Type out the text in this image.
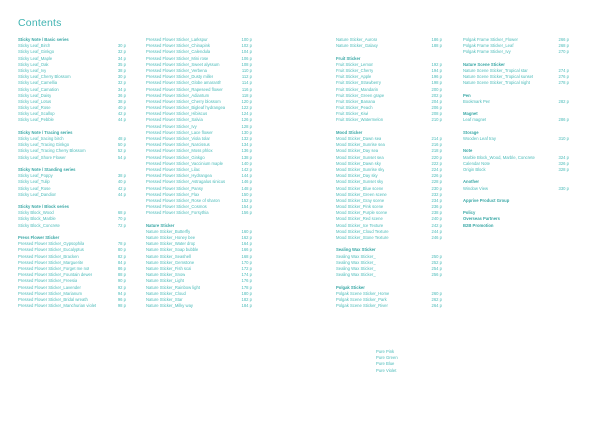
Contents
Sticky Note / Basic series
Sticky Leaf_Birch	30 p
Sticky Leaf_Ginkgo	32 p
Sticky Leaf_Maple	34 p
Sticky Leaf_Oak	35 p
Sticky Leaf_Ivy	38 p
Sticky Leaf_Cherry Blossom	30 p
Sticky Leaf_Camellia	32 p
Sticky Leaf_Camation	34 p
Sticky Leaf_Daisy	36 p
Sticky Leaf_Lotus	38 p
Sticky Leaf_Rose	40 p
Sticky Leaf_Scallop	42 p
Sticky Leaf_Pebble	44 p
Sticky Note / Tracing series
Sticky Leaf_tracing birch	48 p
Sticky Leaf_Tracing Ginkgo	50 p
Sticky Leaf_Tracing Cherry Blossom	52 p
Sticky Leaf_Shore Flower	54 p
Sticky Note / Standing series
Sticky Leaf_Poppy	38 p
Sticky Leaf_Tulip	40 p
Sticky Leaf_Rose	42 p
Sticky Leaf_Dandion	44 p
Sticky Note / Block series
Sticky Block_Wood	68 p
Sticky Block_Marble	70 p
Sticky Block_Concrete	72 p
Press Flower Sticker
Pressed Flower Sticker_Gypsophila	78 p
Pressed Flower Sticker_Eucalyptus	80 p
Pressed Flower Sticker_Bracken	82 p
Pressed Flower Sticker_Marguerite	84 p
Pressed Flower Sticker_Forget me not	86 p
Pressed Flower Sticker_Fountain dewer	88 p
Pressed Flower Sticker_Freesia	90 p
Pressed Flower Sticker_Lavender	92 p
Pressed Flower Sticker_Marianum	94 p
Pressed Flower Sticker_Bridal wreath	96 p
Pressed Flower Sticker_Manchurian violet	98 p
Pressed Flower Sticker_Larkspur	100 p
Pressed Flower Sticker_Chinapink	102 p
Pressed Flower Sticker_Calendula	104 p
Pressed Flower Sticker_Mini rose	106 p
Pressed Flower Sticker_Sweet alyssum	108 p
Pressed Flower Sticker_Verbena	110 p
Pressed Flower Sticker_Dusty miller	112 p
Pressed Flower Sticker_Globe amaranth	114 p
Pressed Flower Sticker_Rapeseed flower	116 p
Pressed Flower Sticker_Adiantum	118 p
Pressed Flower Sticker_Cherry blossom	120 p
Pressed Flower Sticker_Bigleaf hydrangea	122 p
Pressed Flower Sticker_Hibiscus	124 p
Pressed Flower Sticker_Salvia	126 p
Pressed Flower Sticker_Ivy	128 p
Pressed Flower Sticker_Lace flower	130 p
Pressed Flower Sticker_Viola tolar	132 p
Pressed Flower Sticker_Narcissus	134 p
Pressed Flower Sticker_Moss phlox	136 p
Pressed Flower Sticker_Ginkgo	138 p
Pressed Flower Sticker_Vaccinium maple	140 p
Pressed Flower Sticker_Lilac	142 p
Pressed Flower Sticker_Hydrangea	144 p
Pressed Flower Sticker_Astragalus sinicus	146 p
Pressed Flower Sticker_Pansy	148 p
Pressed Flower Sticker_Flax	150 p
Pressed Flower Sticker_Rose of sharon	152 p
Pressed Flower Sticker_Cosmos	154 p
Pressed Flower Sticker_Forsythia	156 p
Nature Sticker
Nature Sticker_Butterfly	160 p
Nature Sticker_Honey bee	162 p
Nature Sticker_Water drop	164 p
Nature Sticker_Soap bubble	166 p
Nature Sticker_Seashell	168 p
Nature Sticker_Gemstone	170 p
Nature Sticker_Fish scal	172 p
Nature Sticker_Snow	174 p
Nature Sticker_Light	176 p
Nature Sticker_Rainbow light	178 p
Nature Sticker_Cloud	180 p
Nature Sticker_Star	182 p
Nature Sticker_Milky way	184 p
Nature Sticker_Aurora	186 p
Nature Sticker_Galaxy	188 p
Fruit Sticker
Fruit Sticker_Lemon	192 p
Fruit Sticker_Cherry	194 p
Fruit Sticker_Apple	196 p
Fruit Sticker_Strawberry	198 p
Fruit Sticker_Mandarin	200 p
Fruit Sticker_Green grape	202 p
Fruit Sticker_Banana	204 p
Fruit Sticker_Peach	206 p
Fruit Sticker_Kiwi	208 p
Fruit Sticker_Watermelon	210 p
Mood Sticker
Mood Sticker_Dawn sea	214 p
Mood Sticker_Sunrise sea	216 p
Mood Sticker_Day sea	218 p
Mood Sticker_Sunset sea	220 p
Mood Sticker_Dawn sky	222 p
Mood Sticker_Sunrise sky	224 p
Mood Sticker_Day sky	226 p
Mood Sticker_Sunset sky	228 p
Mood Sticker_Blue scene	230 p
Mood Sticker_Green scene	232 p
Mood Sticker_Gray scene	234 p
Mood Sticker_Pink scene	236 p
Mood Sticker_Purple scene	238 p
Mood Sticker_Red scene	240 p
Mood Sticker_Ice Texture	242 p
Mood Sticker_Cloud Texture	244 p
Mood Sticker_Stone Texture	246 p
Sealing Wax Sticker
Sealing Wax Sticker_	250 p
Sealing Wax Sticker_	252 p
Sealing Wax Sticker_	254 p
Sealing Wax Sticker_	256 p
Polgak Sticker
Polgak Scene Sticker_Home	260 p
Polgak Scene Sticker_Park	262 p
Polgak Scene Sticker_River	264 p
Polgak Frame Sticker_Flower	266 p
Polgak Frame Sticker_Leaf	268 p
Polgak Frame Sticker_Ivy	270 p
Nature Scene Sticker
Nature Scene Sticker_Tropical star	274 p
Nature Scene Sticker_Tropical sunset	276 p
Nature Scene Sticker_Tropical night	278 p
Pen
Bookmark Pen	282 p
Magnet
Leaf magnet	286 p
Storage
Wooden Leaf tray	310 p
Note
Marble Block_Wood, Marble, Concrete	324 p
Calendar Note	326 p
Origin Block	328 p
Another
Window View	330 p
Apprive Product Group
Policy
Overseas Partners
B2B Promotion
Pure Pink
Pure Green
Pure Blue
Pure Violet
